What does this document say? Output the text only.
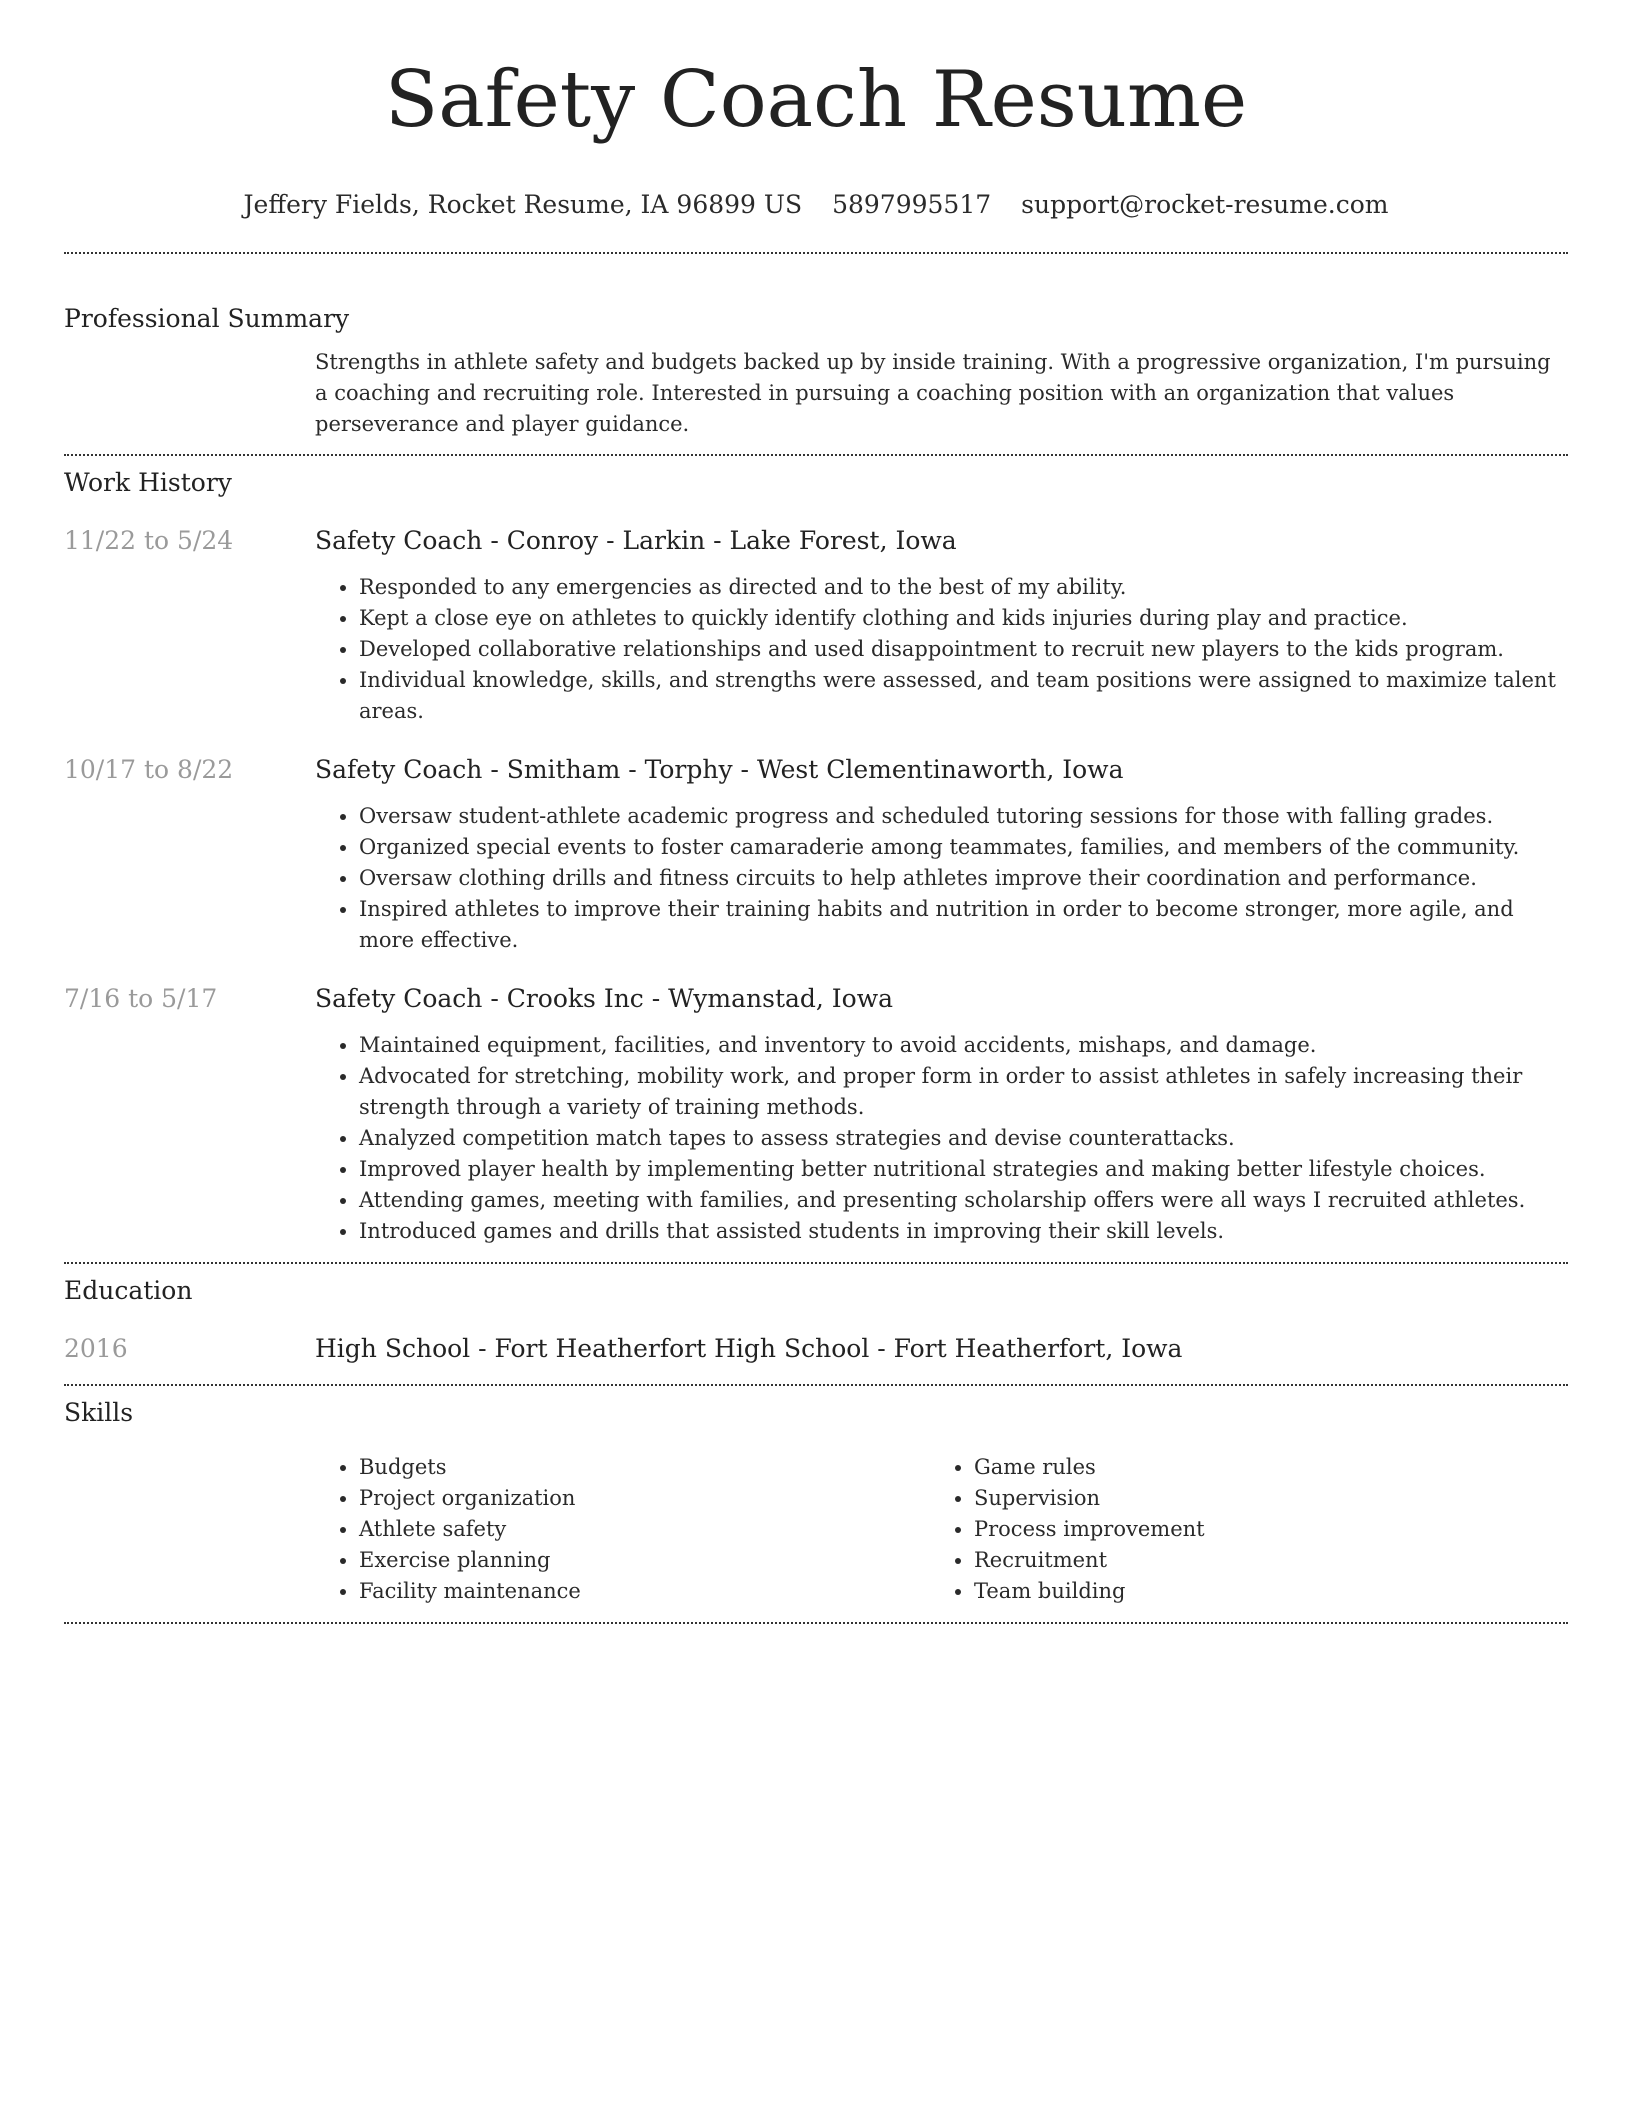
Safety Coach Resume
Jeffery Fields, Rocket Resume, IA 96899 US 5897995517 support@rocket-resume.com
Professional Summary

Strengths in athlete safety and budgets backed up by inside training. With a progressive organization, I'm pursuing a coaching and recruiting role. Interested in pursuing a coaching position with an organization that values perseverance and player guidance.

Work History
11/22 to 5/24	Safety Coach - Conroy - Larkin - Lake Forest, Iowa
• Responded to any emergencies as directed and to the best of my ability.
• Kept a close eye on athletes to quickly identify clothing and kids injuries during play and practice.
• Developed collaborative relationships and used disappointment to recruit new players to the kids program.
• Individual knowledge, skills, and strengths were assessed, and team positions were assigned to maximize talent areas.
10/17 to 8/22	Safety Coach - Smitham - Torphy - West Clementinaworth, Iowa
• Oversaw student-athlete academic progress and scheduled tutoring sessions for those with falling grades.
• Organized special events to foster camaraderie among teammates, families, and members of the community.
• Oversaw clothing drills and fitness circuits to help athletes improve their coordination and performance.
• Inspired athletes to improve their training habits and nutrition in order to become stronger, more agile, and more effective.
7/16 to 5/17	Safety Coach - Crooks Inc - Wymanstad, Iowa
• Maintained equipment, facilities, and inventory to avoid accidents, mishaps, and damage.
• Advocated for stretching, mobility work, and proper form in order to assist athletes in safely increasing their strength through a variety of training methods.
• Analyzed competition match tapes to assess strategies and devise counterattacks.
• Improved player health by implementing better nutritional strategies and making better lifestyle choices.
• Attending games, meeting with families, and presenting scholarship offers were all ways I recruited athletes.
• Introduced games and drills that assisted students in improving their skill levels.
Education
2016	High School - Fort Heatherfort High School - Fort Heatherfort, Iowa
Skills
• Budgets
• Project organization
• Athlete safety
• Exercise planning
• Facility maintenance
• Game rules
• Supervision
• Process improvement
• Recruitment
• Team building
